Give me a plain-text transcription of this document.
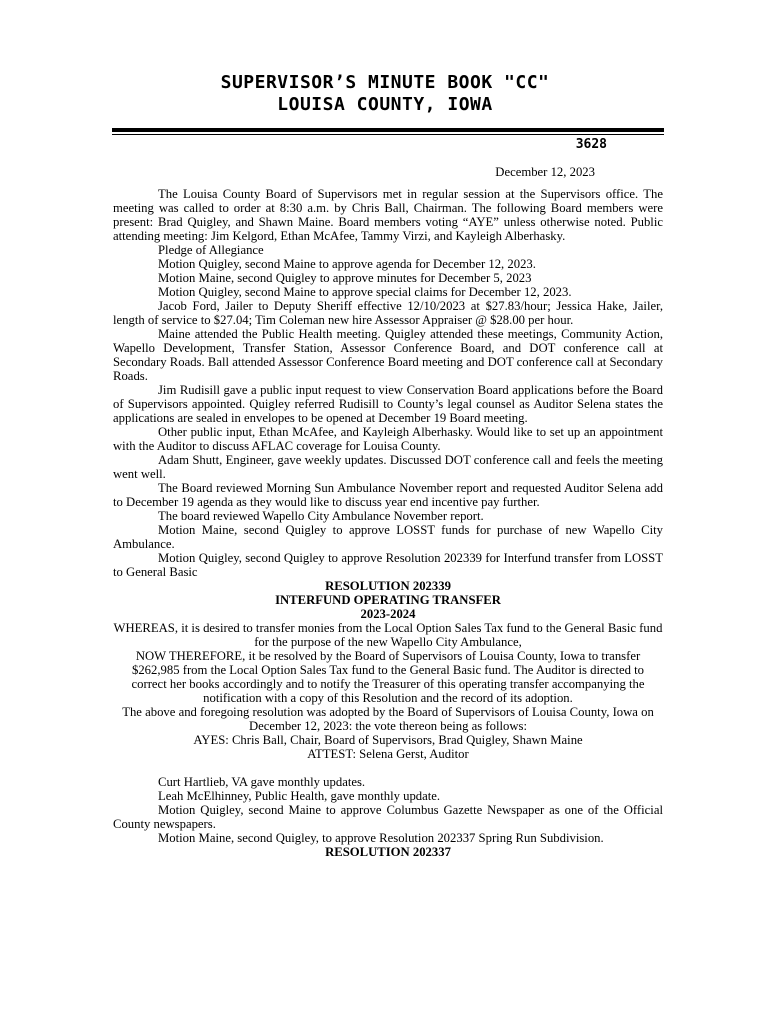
SUPERVISOR’S MINUTE BOOK "CC"
LOUISA COUNTY, IOWA
3628

December 12, 2023

The Louisa County Board of Supervisors met in regular session at the Supervisors office. The meeting was called to order at 8:30 a.m. by Chris Ball, Chairman. The following Board members were present: Brad Quigley, and Shawn Maine. Board members voting “AYE” unless otherwise noted. Public attending meeting: Jim Kelgord, Ethan McAfee, Tammy Virzi, and Kayleigh Alberhasky.

Pledge of Allegiance

Motion Quigley, second Maine to approve agenda for December 12, 2023.

Motion Maine, second Quigley to approve minutes for December 5, 2023

Motion Quigley, second Maine to approve special claims for December 12, 2023.

Jacob Ford, Jailer to Deputy Sheriff effective 12/10/2023 at $27.83/hour; Jessica Hake, Jailer, length of service to $27.04; Tim Coleman new hire Assessor Appraiser @ $28.00 per hour.

Maine attended the Public Health meeting. Quigley attended these meetings, Community Action, Wapello Development, Transfer Station, Assessor Conference Board, and DOT conference call at Secondary Roads. Ball attended Assessor Conference Board meeting and DOT conference call at Secondary Roads.

Jim Rudisill gave a public input request to view Conservation Board applications before the Board of Supervisors appointed. Quigley referred Rudisill to County’s legal counsel as Auditor Selena states the applications are sealed in envelopes to be opened at December 19 Board meeting.

Other public input, Ethan McAfee, and Kayleigh Alberhasky. Would like to set up an appointment with the Auditor to discuss AFLAC coverage for Louisa County.

Adam Shutt, Engineer, gave weekly updates. Discussed DOT conference call and feels the meeting went well.

The Board reviewed Morning Sun Ambulance November report and requested Auditor Selena add to December 19 agenda as they would like to discuss year end incentive pay further.

The board reviewed Wapello City Ambulance November report.

Motion Maine, second Quigley to approve LOSST funds for purchase of new Wapello City Ambulance.

Motion Quigley, second Quigley to approve Resolution 202339 for Interfund transfer from LOSST to General Basic

RESOLUTION 202339

INTERFUND OPERATING TRANSFER

2023-2024

WHEREAS, it is desired to transfer monies from the Local Option Sales Tax fund to the General Basic fund for the purpose of the new Wapello City Ambulance,

NOW THEREFORE, it be resolved by the Board of Supervisors of Louisa County, Iowa to transfer $262,985 from the Local Option Sales Tax fund to the General Basic fund. The Auditor is directed to correct her books accordingly and to notify the Treasurer of this operating transfer accompanying the notification with a copy of this Resolution and the record of its adoption.

The above and foregoing resolution was adopted by the Board of Supervisors of Louisa County, Iowa on December 12, 2023: the vote thereon being as follows:

AYES: Chris Ball, Chair, Board of Supervisors, Brad Quigley, Shawn Maine

ATTEST: Selena Gerst, Auditor

Curt Hartlieb, VA gave monthly updates.

Leah McElhinney, Public Health, gave monthly update.

Motion Quigley, second Maine to approve Columbus Gazette Newspaper as one of the Official County newspapers.

Motion Maine, second Quigley, to approve Resolution 202337 Spring Run Subdivision.

RESOLUTION 202337
